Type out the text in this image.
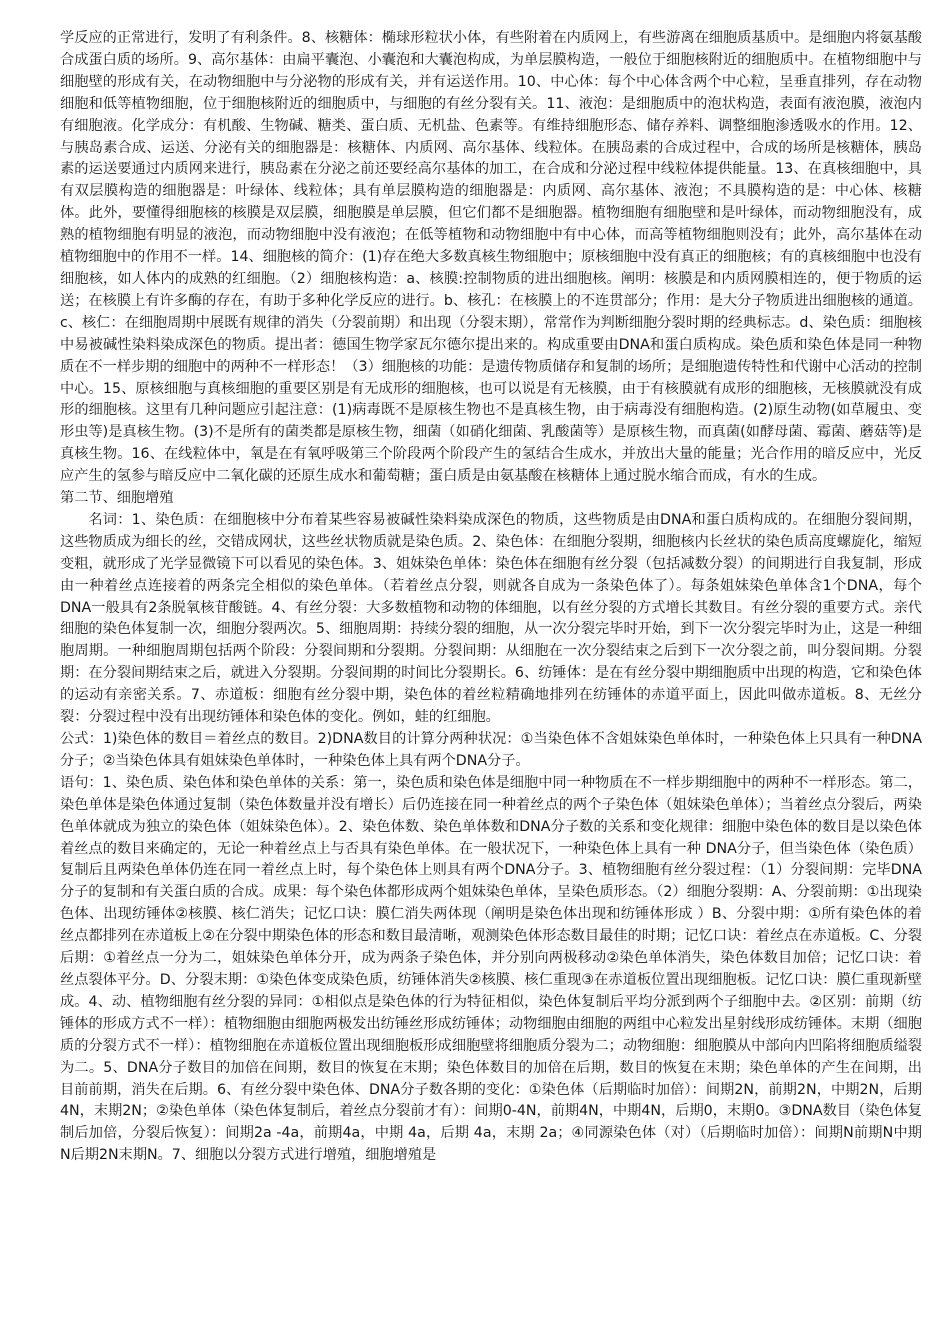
学反应的正常进行，发明了有利条件。8、核糖体：椭球形粒状小体，有些附着在内质网上，有些游离在细胞质基质中。是细胞内将氨基酸合成蛋白质的场所。9、高尔基体：由扁平囊泡、小囊泡和大囊泡构成，为单层膜构造，一般位于细胞核附近的细胞质中。在植物细胞中与细胞壁的形成有关，在动物细胞中与分泌物的形成有关，并有运送作用。10、中心体：每个中心体含两个中心粒，呈垂直排列，存在动物细胞和低等植物细胞，位于细胞核附近的细胞质中，与细胞的有丝分裂有关。11、液泡：是细胞质中的泡状构造，表面有液泡膜，液泡内有细胞液。化学成分：有机酸、生物碱、糖类、蛋白质、无机盐、色素等。有维持细胞形态、储存养料、调整细胞渗透吸水的作用。12、与胰岛素合成、运送、分泌有关的细胞器是：核糖体、内质网、高尔基体、线粒体。在胰岛素的合成过程中，合成的场所是核糖体，胰岛素的运送要通过内质网来进行，胰岛素在分泌之前还要经高尔基体的加工，在合成和分泌过程中线粒体提供能量。13、在真核细胞中，具有双层膜构造的细胞器是：叶绿体、线粒体；具有单层膜构造的细胞器是：内质网、高尔基体、液泡；不具膜构造的是：中心体、核糖体。此外，要懂得细胞核的核膜是双层膜，细胞膜是单层膜，但它们都不是细胞器。植物细胞有细胞壁和是叶绿体，而动物细胞没有，成熟的植物细胞有明显的液泡，而动物细胞中没有液泡；在低等植物和动物细胞中有中心体，而高等植物细胞则没有；此外，高尔基体在动植物细胞中的作用不一样。14、细胞核的简介：(1)存在绝大多数真核生物细胞中；原核细胞中没有真正的细胞核；有的真核细胞中也没有细胞核，如人体内的成熟的红细胞。（2）细胞核构造：a、核膜:控制物质的进出细胞核。阐明：核膜是和内质网膜相连的，便于物质的运送；在核膜上有许多酶的存在，有助于多种化学反应的进行。b、核孔：在核膜上的不连贯部分；作用：是大分子物质进出细胞核的通道。c、核仁：在细胞周期中展既有规律的消失（分裂前期）和出现（分裂末期），常常作为判断细胞分裂时期的经典标志。d、染色质：细胞核中易被碱性染料染成深色的物质。提出者：德国生物学家瓦尔德尔提出来的。构成重要由DNA和蛋白质构成。染色质和染色体是同一种物质在不一样步期的细胞中的两种不一样形态！（3）细胞核的功能：是遗传物质储存和复制的场所；是细胞遗传特性和代谢中心活动的控制中心。15、原核细胞与真核细胞的重要区别是有无成形的细胞核，也可以说是有无核膜，由于有核膜就有成形的细胞核，无核膜就没有成形的细胞核。这里有几种问题应引起注意：(1)病毒既不是原核生物也不是真核生物，由于病毒没有细胞构造。(2)原生动物(如草履虫、变形虫等)是真核生物。(3)不是所有的菌类都是原核生物，细菌（如硝化细菌、乳酸菌等）是原核生物，而真菌(如酵母菌、霉菌、蘑菇等)是真核生物。16、在线粒体中，氧是在有氧呼吸第三个阶段两个阶段产生的氢结合生成水，并放出大量的能量；光合作用的暗反应中，光反应产生的氢参与暗反应中二氧化碳的还原生成水和葡萄糖；蛋白质是由氨基酸在核糖体上通过脱水缩合而成，有水的生成。

第二节、细胞增殖

名词：1、染色质：在细胞核中分布着某些容易被碱性染料染成深色的物质，这些物质是由DNA和蛋白质构成的。在细胞分裂间期，这些物质成为细长的丝，交错成网状，这些丝状物质就是染色质。2、染色体：在细胞分裂期，细胞核内长丝状的染色质高度螺旋化，缩短变粗，就形成了光学显微镜下可以看见的染色体。3、姐妹染色单体：染色体在细胞有丝分裂（包括减数分裂）的间期进行自我复制，形成由一种着丝点连接着的两条完全相似的染色单体。（若着丝点分裂，则就各自成为一条染色体了）。每条姐妹染色单体含1个DNA，每个DNA一般具有2条脱氧核苷酸链。4、有丝分裂：大多数植物和动物的体细胞，以有丝分裂的方式增长其数目。有丝分裂的重要方式。亲代细胞的染色体复制一次，细胞分裂两次。5、细胞周期：持续分裂的细胞，从一次分裂完毕时开始，到下一次分裂完毕时为止，这是一种细胞周期。一种细胞周期包括两个阶段：分裂间期和分裂期。分裂间期：从细胞在一次分裂结束之后到下一次分裂之前，叫分裂间期。分裂期：在分裂间期结束之后，就进入分裂期。分裂间期的时间比分裂期长。6、纺锤体：是在有丝分裂中期细胞质中出现的构造，它和染色体的运动有亲密关系。7、赤道板：细胞有丝分裂中期，染色体的着丝粒精确地排列在纺锤体的赤道平面上，因此叫做赤道板。8、无丝分裂：分裂过程中没有出现纺锤体和染色体的变化。例如，蛙的红细胞。

公式：1)染色体的数目＝着丝点的数目。2)DNA数目的计算分两种状况：①当染色体不含姐妹染色单体时，一种染色体上只具有一种DNA分子；②当染色体具有姐妹染色单体时，一种染色体上具有两个DNA分子。

语句：1、染色质、染色体和染色单体的关系：第一，染色质和染色体是细胞中同一种物质在不一样步期细胞中的两种不一样形态。第二，染色单体是染色体通过复制（染色体数量并没有增长）后仍连接在同一种着丝点的两个子染色体（姐妹染色单体）；当着丝点分裂后，两染色单体就成为独立的染色体（姐妹染色体）。2、染色体数、染色单体数和DNA分子数的关系和变化规律：细胞中染色体的数目是以染色体着丝点的数目来确定的，无论一种着丝点上与否具有染色单体。在一般状况下，一种染色体上具有一种 DNA分子，但当染色体（染色质）复制后且两染色单体仍连在同一着丝点上时，每个染色体上则具有两个DNA分子。3、植物细胞有丝分裂过程：（1）分裂间期：完毕DNA分子的复制和有关蛋白质的合成。成果：每个染色体都形成两个姐妹染色单体，呈染色质形态。（2）细胞分裂期：A、分裂前期：①出现染色体、出现纺锤体②核膜、核仁消失；记忆口诀：膜仁消失两体现（阐明是染色体出现和纺锤体形成 ）B、分裂中期：①所有染色体的着丝点都排列在赤道板上②在分裂中期染色体的形态和数目最清晰，观测染色体形态数目最佳的时期；记忆口诀：着丝点在赤道板。C、分裂后期：①着丝点一分为二，姐妹染色单体分开，成为两条子染色体，并分别向两极移动②染色单体消失，染色体数目加倍；记忆口诀：着丝点裂体平分。D、分裂末期：①染色体变成染色质，纺锤体消失②核膜、核仁重现③在赤道板位置出现细胞板。记忆口诀：膜仁重现新壁成。4、动、植物细胞有丝分裂的异同：①相似点是染色体的行为特征相似，染色体复制后平均分派到两个子细胞中去。②区别：前期（纺锤体的形成方式不一样）：植物细胞由细胞两极发出纺锤丝形成纺锤体；动物细胞由细胞的两组中心粒发出星射线形成纺锤体。末期（细胞质的分裂方式不一样）：植物细胞在赤道板位置出现细胞板形成细胞壁将细胞质分裂为二；动物细胞：细胞膜从中部向内凹陷将细胞质缢裂为二。5、DNA分子数目的加倍在间期，数目的恢复在末期；染色体数目的加倍在后期，数目的恢复在末期；染色单体的产生在间期，出目前前期，消失在后期。6、有丝分裂中染色体、DNA分子数各期的变化：①染色体（后期临时加倍）：间期2N，前期2N，中期2N，后期4N，末期2N；②染色单体（染色体复制后，着丝点分裂前才有）：间期0-4N，前期4N，中期4N，后期0，末期0。③DNA数目（染色体复制后加倍，分裂后恢复）：间期2a -4a，前期4a，中期 4a，后期 4a，末期 2a；④同源染色体（对）（后期临时加倍）：间期N前期N中期 N后期2N末期N。7、细胞以分裂方式进行增殖，细胞增殖是
